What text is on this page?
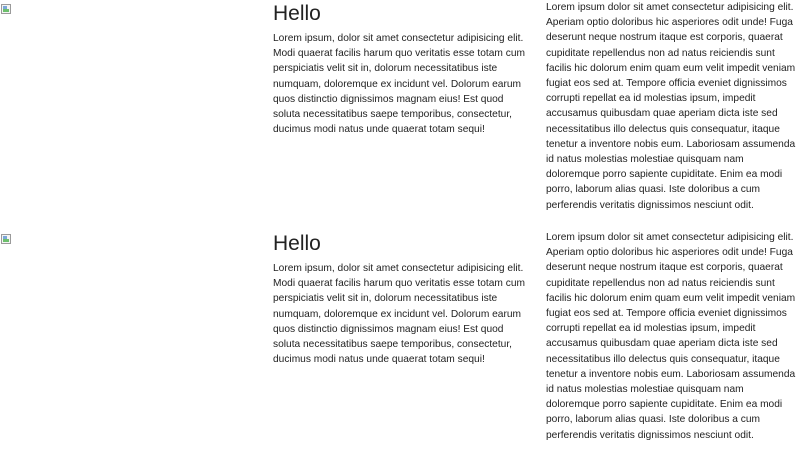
Hello

Lorem ipsum, dolor sit amet consectetur adipisicing elit. Modi quaerat facilis harum quo veritatis esse totam cum perspiciatis velit sit in, dolorum necessitatibus iste numquam, doloremque ex incidunt vel. Dolorum earum quos distinctio dignissimos magnam eius! Est quod soluta necessitatibus saepe temporibus, consectetur, ducimus modi natus unde quaerat totam sequi!

Lorem ipsum dolor sit amet consectetur adipisicing elit. Aperiam optio doloribus hic asperiores odit unde! Fuga deserunt neque nostrum itaque est corporis, quaerat cupiditate repellendus non ad natus reiciendis sunt facilis hic dolorum enim quam eum velit impedit veniam fugiat eos sed at. Tempore officia eveniet dignissimos corrupti repellat ea id molestias ipsum, impedit accusamus quibusdam quae aperiam dicta iste sed necessitatibus illo delectus quis consequatur, itaque tenetur a inventore nobis eum. Laboriosam assumenda id natus molestias molestiae quisquam nam doloremque porro sapiente cupiditate. Enim ea modi porro, laborum alias quasi. Iste doloribus a cum perferendis veritatis dignissimos nesciunt odit.

Hello

Lorem ipsum, dolor sit amet consectetur adipisicing elit. Modi quaerat facilis harum quo veritatis esse totam cum perspiciatis velit sit in, dolorum necessitatibus iste numquam, doloremque ex incidunt vel. Dolorum earum quos distinctio dignissimos magnam eius! Est quod soluta necessitatibus saepe temporibus, consectetur, ducimus modi natus unde quaerat totam sequi!

Lorem ipsum dolor sit amet consectetur adipisicing elit. Aperiam optio doloribus hic asperiores odit unde! Fuga deserunt neque nostrum itaque est corporis, quaerat cupiditate repellendus non ad natus reiciendis sunt facilis hic dolorum enim quam eum velit impedit veniam fugiat eos sed at. Tempore officia eveniet dignissimos corrupti repellat ea id molestias ipsum, impedit accusamus quibusdam quae aperiam dicta iste sed necessitatibus illo delectus quis consequatur, itaque tenetur a inventore nobis eum. Laboriosam assumenda id natus molestias molestiae quisquam nam doloremque porro sapiente cupiditate. Enim ea modi porro, laborum alias quasi. Iste doloribus a cum perferendis veritatis dignissimos nesciunt odit.
